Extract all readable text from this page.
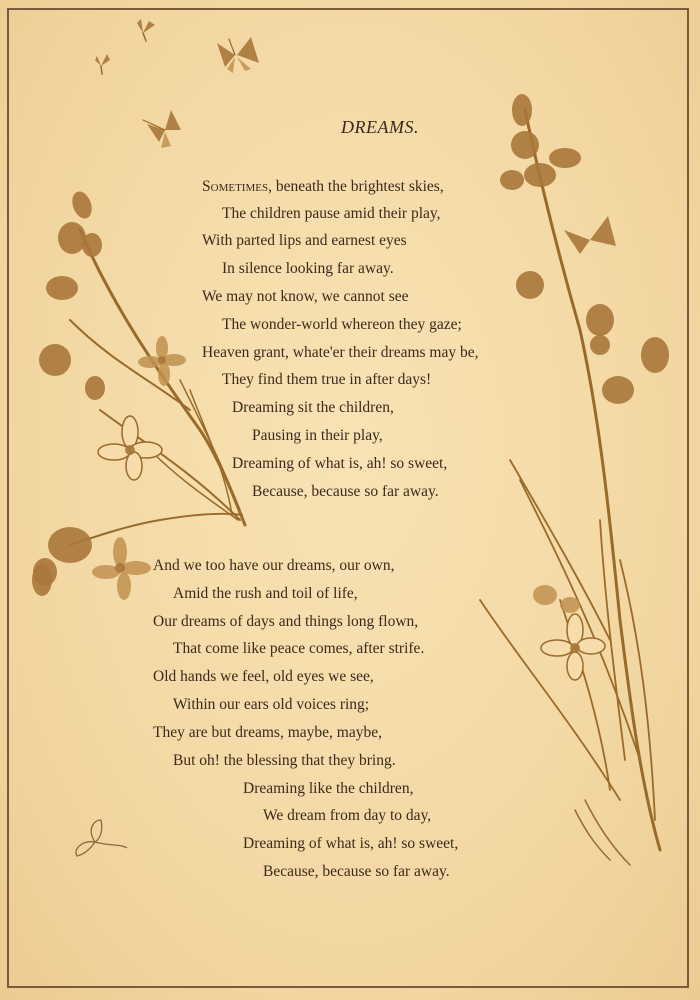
DREAMS.
Sometimes, beneath the brightest skies,
The children pause amid their play,
With parted lips and earnest eyes
In silence looking far away.
We may not know, we cannot see
The wonder-world whereon they gaze;
Heaven grant, whate'er their dreams may be,
They find them true in after days!
Dreaming sit the children,
Pausing in their play,
Dreaming of what is, ah! so sweet,
Because, because so far away.
And we too have our dreams, our own,
Amid the rush and toil of life,
Our dreams of days and things long flown,
That come like peace comes, after strife.
Old hands we feel, old eyes we see,
Within our ears old voices ring;
They are but dreams, maybe, maybe,
But oh! the blessing that they bring.
Dreaming like the children,
We dream from day to day,
Dreaming of what is, ah! so sweet,
Because, because so far away.
